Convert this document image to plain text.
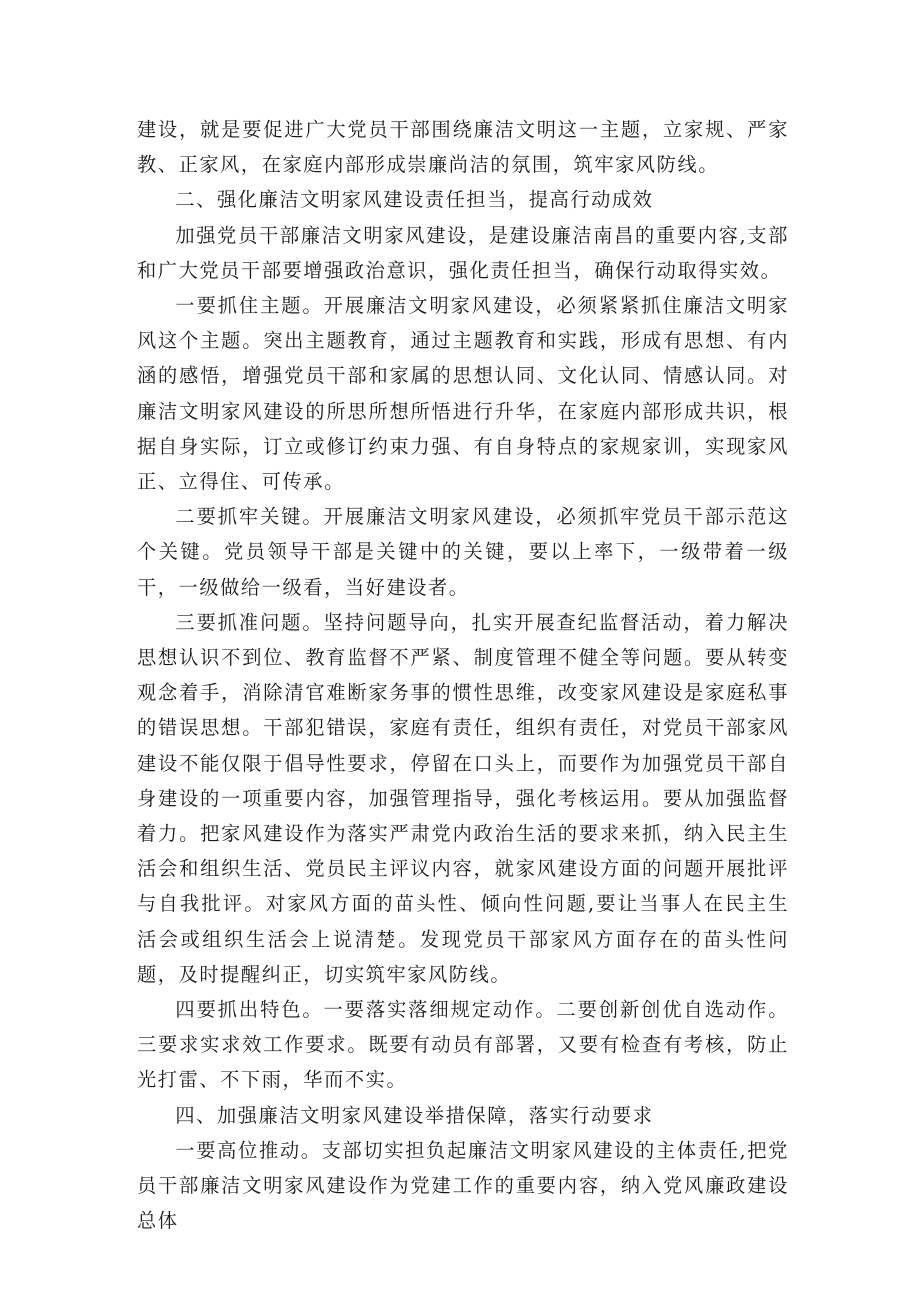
建设，就是要促进广大党员干部围绕廉洁文明这一主题，立家规、严家教、正家风，在家庭内部形成崇廉尚洁的氛围，筑牢家风防线。

二、强化廉洁文明家风建设责任担当，提高行动成效

加强党员干部廉洁文明家风建设，是建设廉洁南昌的重要内容,支部和广大党员干部要增强政治意识，强化责任担当，确保行动取得实效。

一要抓住主题。开展廉洁文明家风建设，必须紧紧抓住廉洁文明家风这个主题。突出主题教育，通过主题教育和实践，形成有思想、有内涵的感悟，增强党员干部和家属的思想认同、文化认同、情感认同。对廉洁文明家风建设的所思所想所悟进行升华，在家庭内部形成共识，根据自身实际，订立或修订约束力强、有自身特点的家规家训，实现家风正、立得住、可传承。

二要抓牢关键。开展廉洁文明家风建设，必须抓牢党员干部示范这个关键。党员领导干部是关键中的关键，要以上率下，一级带着一级干，一级做给一级看，当好建设者。

三要抓准问题。坚持问题导向，扎实开展查纪监督活动，着力解决思想认识不到位、教育监督不严紧、制度管理不健全等问题。要从转变观念着手，消除清官难断家务事的惯性思维，改变家风建设是家庭私事的错误思想。干部犯错误，家庭有责任，组织有责任，对党员干部家风建设不能仅限于倡导性要求，停留在口头上，而要作为加强党员干部自身建设的一项重要内容，加强管理指导，强化考核运用。要从加强监督着力。把家风建设作为落实严肃党内政治生活的要求来抓，纳入民主生活会和组织生活、党员民主评议内容，就家风建设方面的问题开展批评与自我批评。对家风方面的苗头性、倾向性问题,要让当事人在民主生活会或组织生活会上说清楚。发现党员干部家风方面存在的苗头性问题，及时提醒纠正，切实筑牢家风防线。

四要抓出特色。一要落实落细规定动作。二要创新创优自选动作。三要求实求效工作要求。既要有动员有部署，又要有检查有考核，防止光打雷、不下雨，华而不实。

四、加强廉洁文明家风建设举措保障，落实行动要求

一要高位推动。支部切实担负起廉洁文明家风建设的主体责任,把党员干部廉洁文明家风建设作为党建工作的重要内容，纳入党风廉政建设总体
